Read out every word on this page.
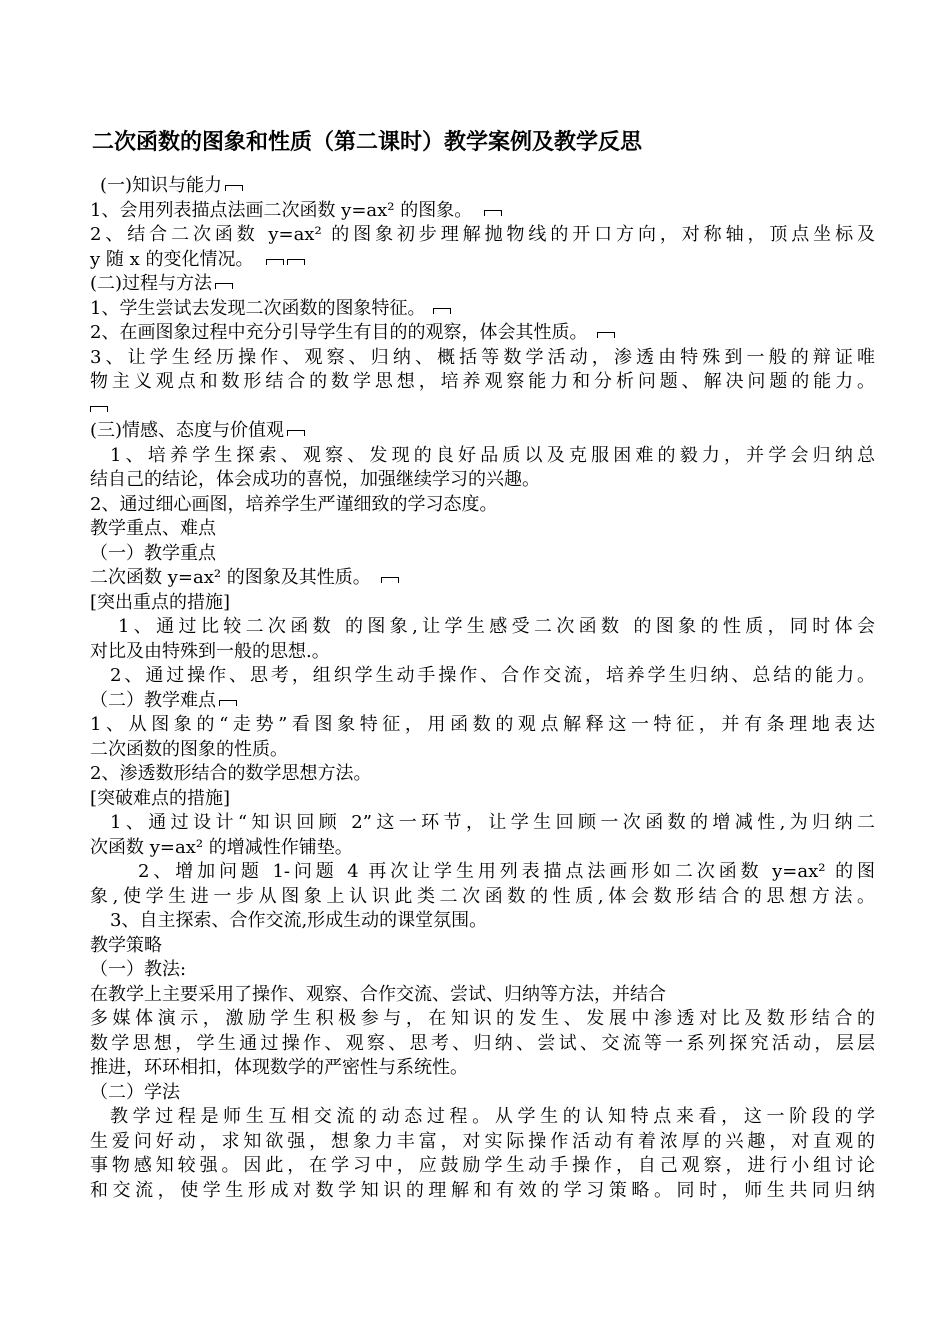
二次函数的图象和性质（第二课时）教学案例及教学反思
(一)知识与能力
1、会用列表描点法画二次函数 y=ax² 的图象。
2、结合二次函数 y=ax² 的图象初步理解抛物线的开口方向，对称轴，顶点坐标及
y 随 x 的变化情况。
(二)过程与方法
1、学生尝试去发现二次函数的图象特征。
2、在画图象过程中充分引导学生有目的的观察，体会其性质。
3、让学生经历操作、观察、归纳、概括等数学活动，渗透由特殊到一般的辩证唯
物主义观点和数形结合的数学思想，培养观察能力和分析问题、解决问题的能力。
(三)情感、态度与价值观
1、培养学生探索、观察、发现的良好品质以及克服困难的毅力，并学会归纳总
结自己的结论，体会成功的喜悦，加强继续学习的兴趣。
2、通过细心画图，培养学生严谨细致的学习态度。
教学重点、难点
（一）教学重点
二次函数 y=ax² 的图象及其性质。
[突出重点的措施]
1、通过比较二次函数 的图象,让学生感受二次函数 的图象的性质，同时体会
对比及由特殊到一般的思想.。
2、通过操作、思考，组织学生动手操作、合作交流，培养学生归纳、总结的能力。
（二）教学难点
1、从图象的“走势”看图象特征，用函数的观点解释这一特征，并有条理地表达
二次函数的图象的性质。
2、渗透数形结合的数学思想方法。
[突破难点的措施]
1、通过设计“知识回顾 2”这一环节，让学生回顾一次函数的增减性,为归纳二
次函数 y=ax² 的增减性作铺垫。
2、增加问题 1-问题 4 再次让学生用列表描点法画形如二次函数 y=ax² 的图
象,使学生进一步从图象上认识此类二次函数的性质,体会数形结合的思想方法。
3、自主探索、合作交流,形成生动的课堂氛围。
教学策略
（一）教法:
在教学上主要采用了操作、观察、合作交流、尝试、归纳等方法，并结合
多媒体演示，激励学生积极参与，在知识的发生、发展中渗透对比及数形结合的
数学思想，学生通过操作、观察、思考、归纳、尝试、交流等一系列探究活动，层层
推进，环环相扣，体现数学的严密性与系统性。
（二）学法
教学过程是师生互相交流的动态过程。从学生的认知特点来看，这一阶段的学
生爱问好动，求知欲强，想象力丰富，对实际操作活动有着浓厚的兴趣，对直观的
事物感知较强。因此，在学习中，应鼓励学生动手操作，自己观察，进行小组讨论
和交流，使学生形成对数学知识的理解和有效的学习策略。同时，师生共同归纳
